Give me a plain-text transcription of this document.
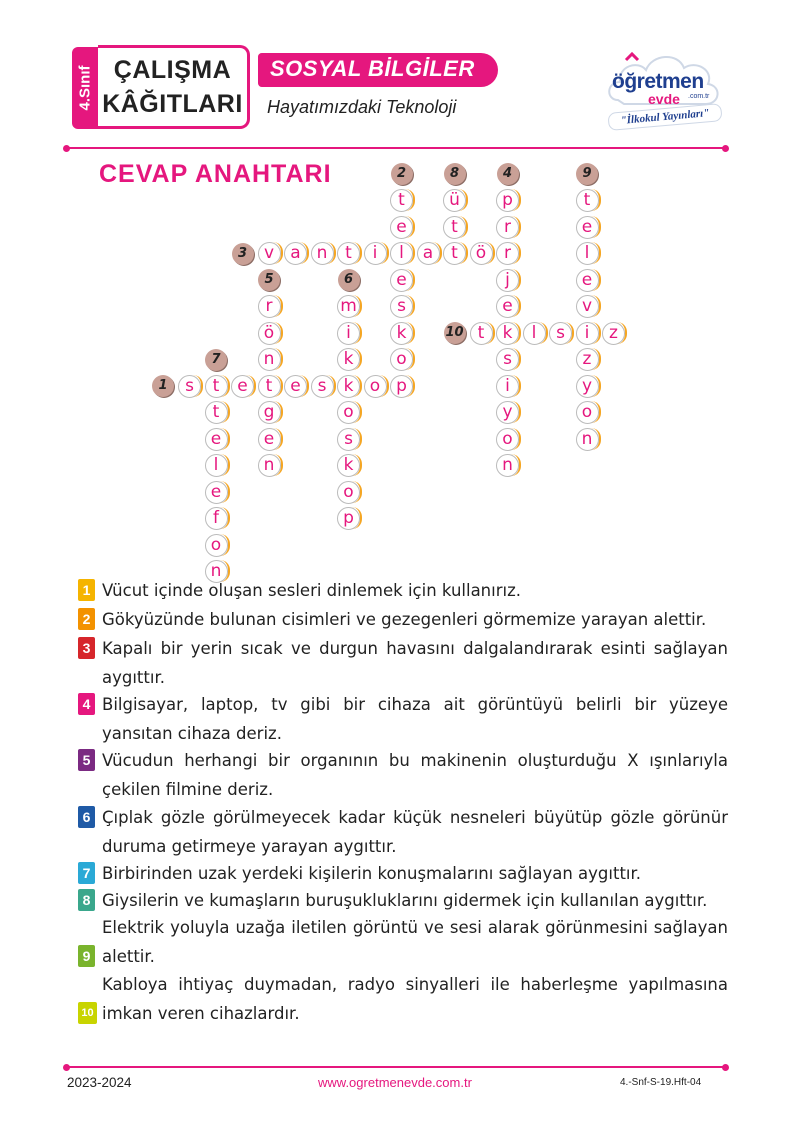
4.Sınıf ÇALIŞMA
KÂĞITLARI
SOSYAL BİLGİLER
Hayatımızdaki Teknoloji
öğretmen
evde .com.tr
"İlkokul Yayınları"
CEVAP ANAHTARI
s	t	e	t	e s	k o p
1
t
e
l
e
s
k
o
2
v a n	t	i	a	t	ö	r
3
p
r
j
e
k
s
i
y
o
n
4
r
ö
n
g
e
n
5
m
i
k
o
s
k
o
p
6
t
e
l
e
f
o
n
7
ü
t
8
t
e
l
e
v
i
z
y
o
n
9
t	l	s	z
10
1 Vücut içinde oluşan sesleri dinlemek için kullanırız.
2 Gökyüzünde bulunan cisimleri ve gezegenleri görmemize yarayan alettir.
3 Kapalı bir yerin sıcak ve durgun havasını dalgalandırarak esinti sağlayan aygıttır.
4 Bilgisayar, laptop, tv gibi bir cihaza ait görüntüyü belirli bir yüzeye yansıtan cihaza deriz.
5 Vücudun herhangi bir organının bu makinenin oluşturduğu X ışınlarıyla çekilen filmine deriz.
6 Çıplak gözle görülmeyecek kadar küçük nesneleri büyütüp gözle görünür duruma getirmeye yarayan aygıttır.
7 Birbirinden uzak yerdeki kişilerin konuşmalarını sağlayan aygıttır.
8 Giysilerin ve kumaşların buruşukluklarını gidermek için kullanılan aygıttır.
9
Elektrik yoluyla uzağa iletilen görüntü ve sesi alarak görünmesini sağlayan alettir.
10
Kabloya ihtiyaç duymadan, radyo sinyalleri ile haberleşme yapılmasına imkan veren cihazlardır.
2023-2024	www.ogretmenevde.com.tr	4.-Snf-S-19.Hft-04
